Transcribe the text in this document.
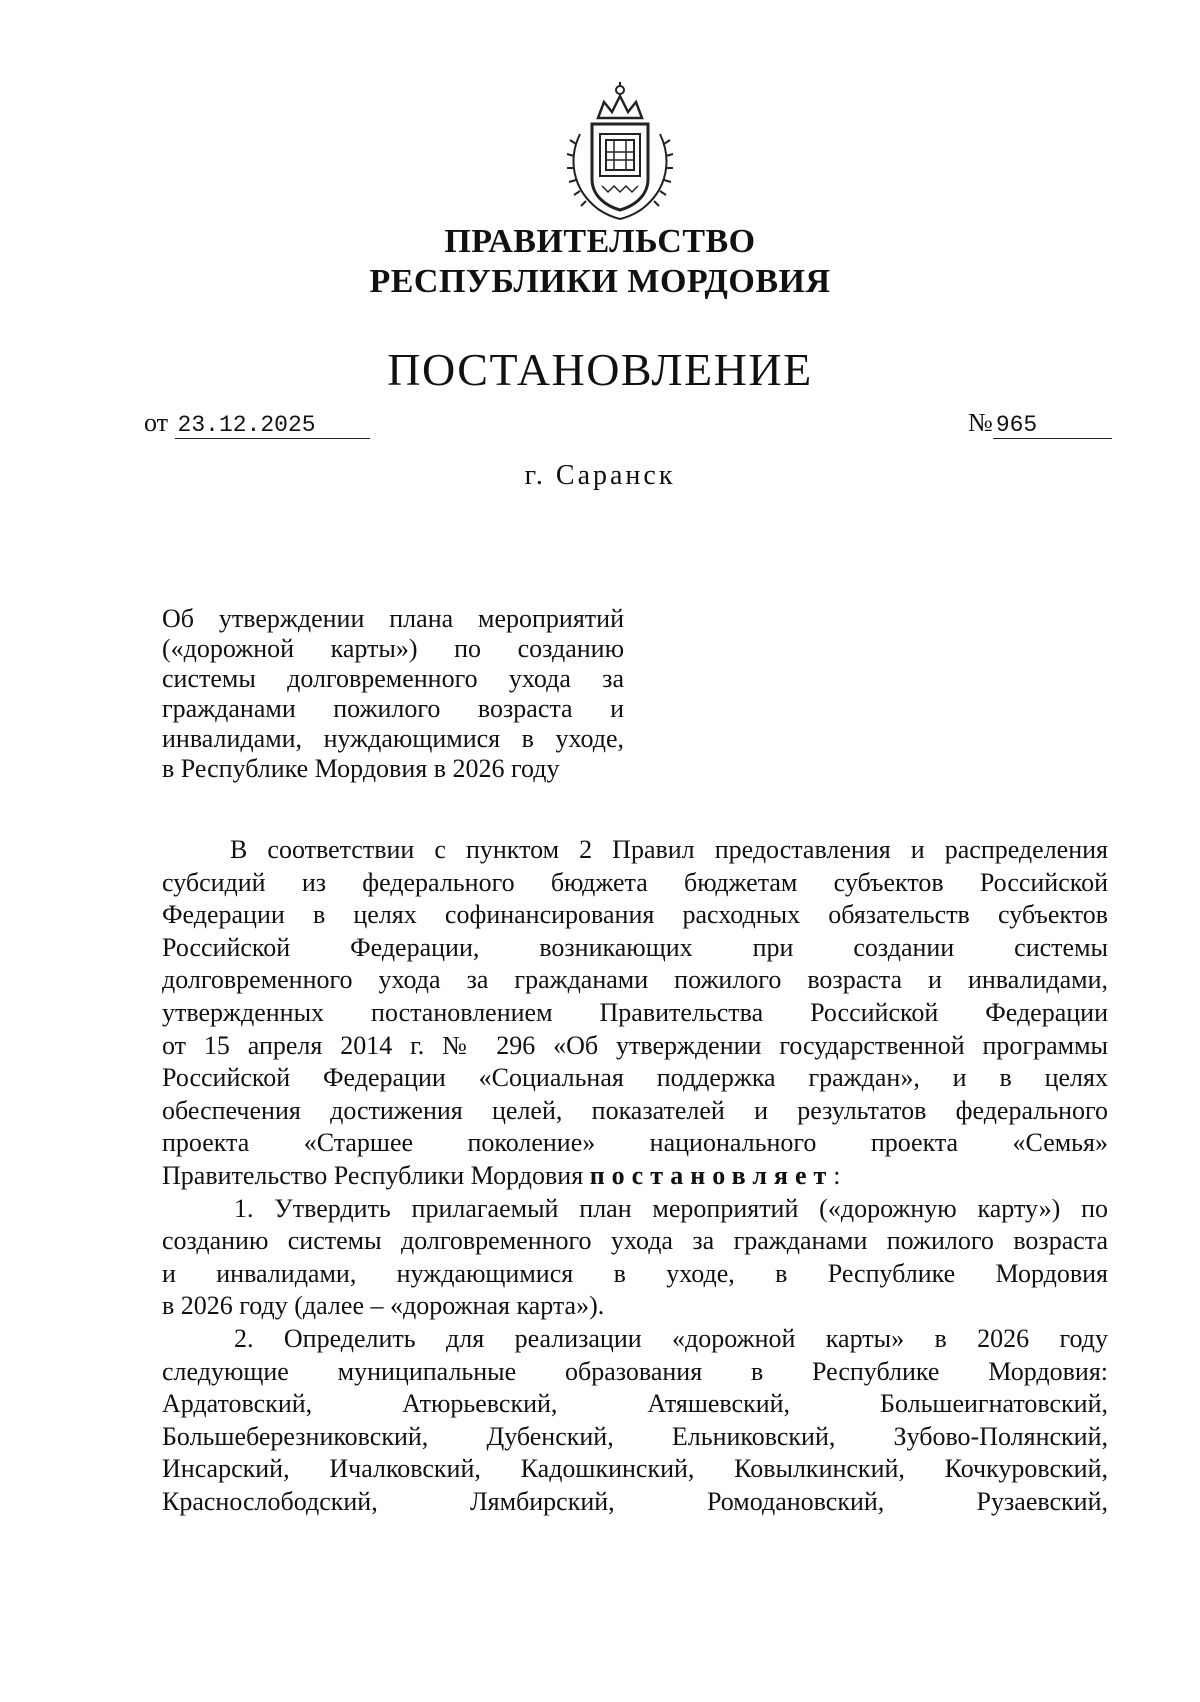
ПРАВИТЕЛЬСТВО
РЕСПУБЛИКИ МОРДОВИЯ
ПОСТАНОВЛЕНИЕ
от 23.12.2025	№ 965
г. Саранск
Об утверждении плана мероприятий
(«дорожной карты») по созданию
системы долговременного ухода за
гражданами пожилого возраста и
инвалидами, нуждающимися в уходе,
в Республике Мордовия в 2026 году
В соответствии с пунктом 2 Правил предоставления и распределения
субсидий из федерального бюджета бюджетам субъектов Российской
Федерации в целях софинансирования расходных обязательств субъектов
Российской Федерации, возникающих при создании системы
долговременного ухода за гражданами пожилого возраста и инвалидами,
утвержденных постановлением Правительства Российской Федерации
от 15 апреля 2014 г. № 296 «Об утверждении государственной программы
Российской Федерации «Социальная поддержка граждан», и в целях
обеспечения достижения целей, показателей и результатов федерального
проекта «Старшее поколение» национального проекта «Семья»
Правительство Республики Мордовия постановляет:
1. Утвердить прилагаемый план мероприятий («дорожную карту») по
созданию системы долговременного ухода за гражданами пожилого возраста
и инвалидами, нуждающимися в уходе, в Республике Мордовия
в 2026 году (далее – «дорожная карта»).
2. Определить для реализации «дорожной карты» в 2026 году
следующие муниципальные образования в Республике Мордовия:
Ардатовский, Атюрьевский, Атяшевский, Большеигнатовский,
Большеберезниковский, Дубенский, Ельниковский, Зубово-Полянский,
Инсарский, Ичалковский, Кадошкинский, Ковылкинский, Кочкуровский,
Краснослободский, Лямбирский, Ромодановский, Рузаевский,
